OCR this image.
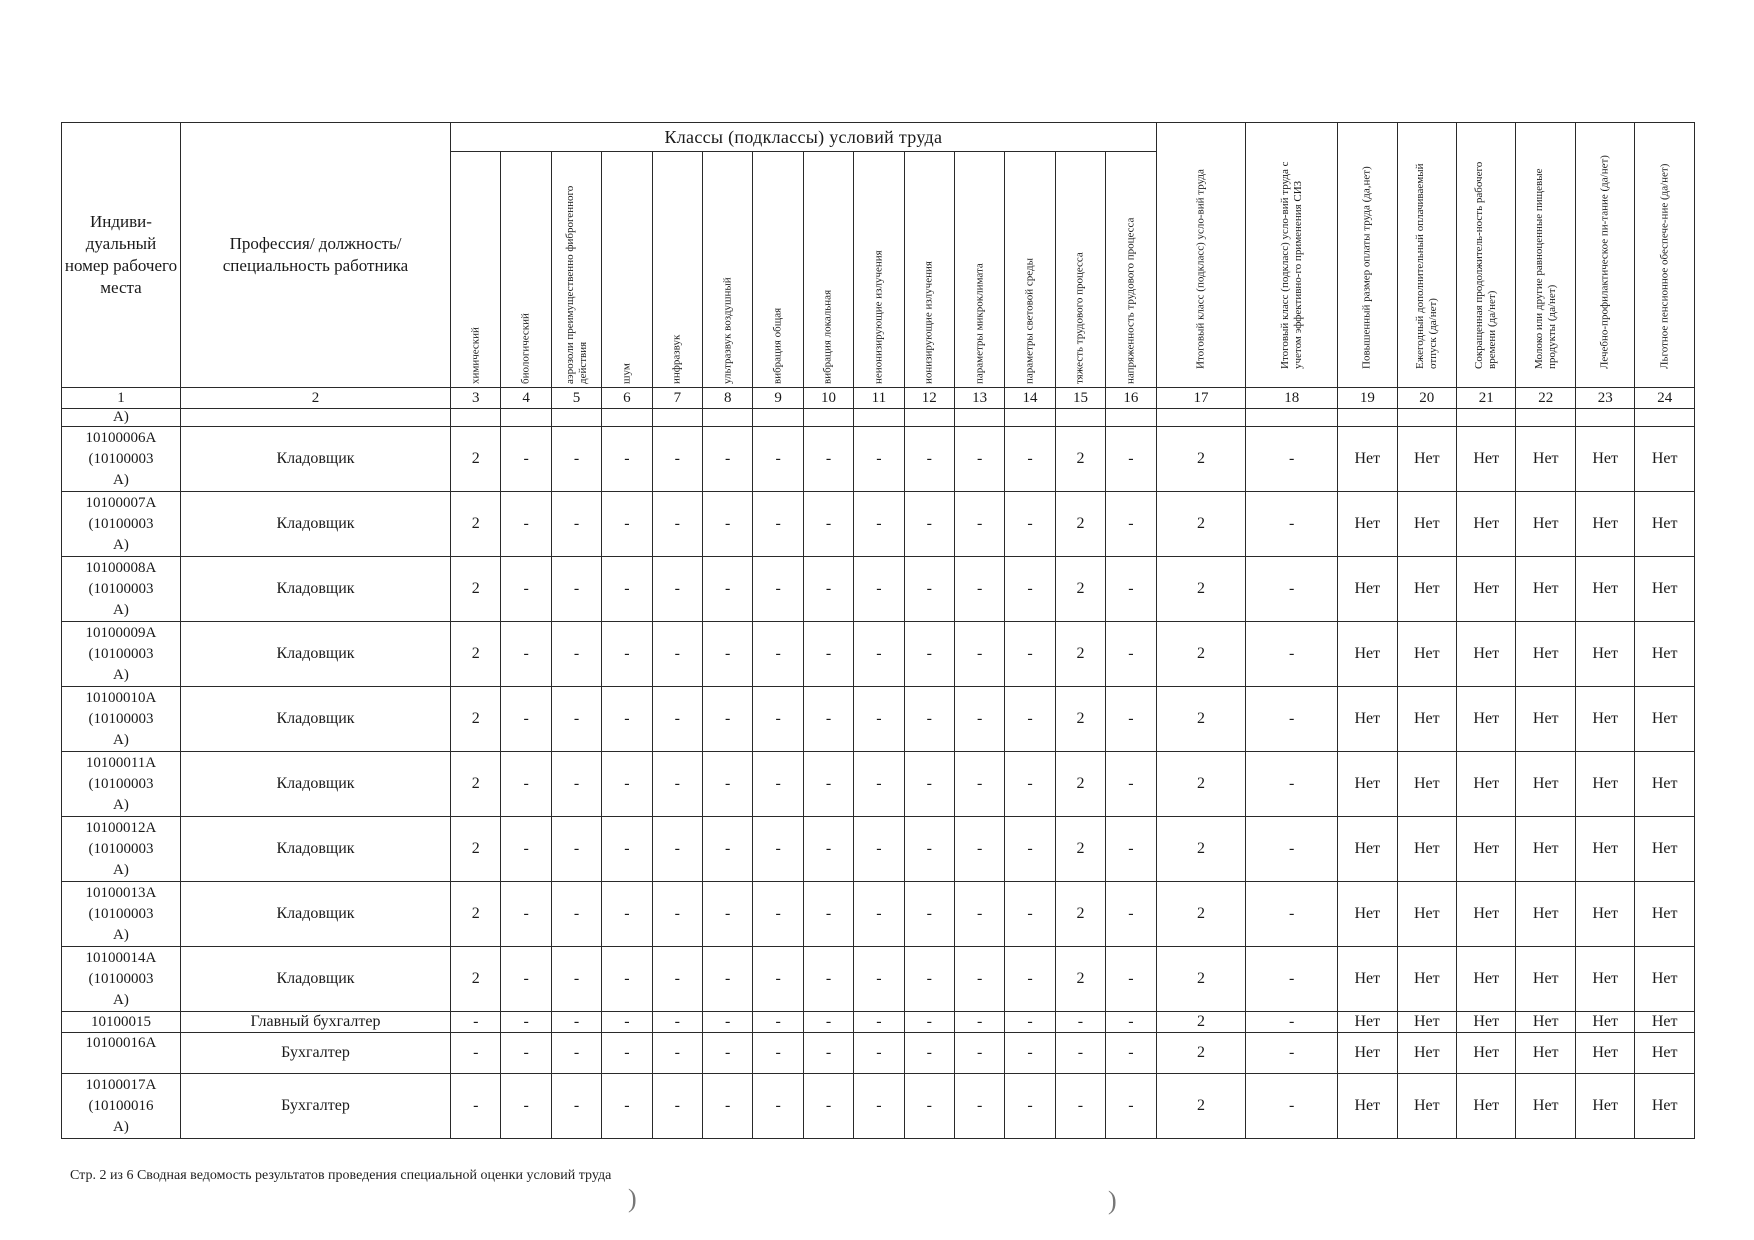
Индиви-дуальный номер рабочего места	Профессия/ должность/ специальность работника	Классы (подклассы) условий труда														Итоговый класс (подкласс) усло-вий труда	Итоговый класс (подкласс) усло-вий труда с учетом эффективно-го применения СИЗ	Повышенный размер оплаты труда (да,нет)	Ежегодный дополнительный оплачиваемый отпуск (да/нет)	Сокращенная продолжитель-ность рабочего времени (да/нет)	Молоко или другие равноценные пищевые продукты (да/нет)	Лечебно-профилактическое пи-тание (да/нет)	Льготное пенсионное обеспече-ние (да/нет)

		химический	биологический	аэрозоли преимущественно фиброгенного действия	шум	инфразвук	ультразвук воздушный	вибрация общая	вибрация локальная	неионизирующие излучения	ионизирующие излучения	параметры микроклимата	параметры световой среды	тяжесть трудового процесса	напряженность трудового процесса								

1	2	3	4	5	6	7	8	9	10	11	12	13	14	15	16	17	18	19	20	21	22	23	24
А)																							

10100006А
(10100003
А)	Кладовщик	2	-	-	-	-	-	-	-	-	-	-	-	2	-	2	-	Нет	Нет	Нет	Нет	Нет	Нет

10100007А
(10100003
А)	Кладовщик	2	-	-	-	-	-	-	-	-	-	-	-	2	-	2	-	Нет	Нет	Нет	Нет	Нет	Нет

10100008А
(10100003
А)	Кладовщик	2	-	-	-	-	-	-	-	-	-	-	-	2	-	2	-	Нет	Нет	Нет	Нет	Нет	Нет

10100009А
(10100003
А)	Кладовщик	2	-	-	-	-	-	-	-	-	-	-	-	2	-	2	-	Нет	Нет	Нет	Нет	Нет	Нет

10100010А
(10100003
А)	Кладовщик	2	-	-	-	-	-	-	-	-	-	-	-	2	-	2	-	Нет	Нет	Нет	Нет	Нет	Нет

10100011А
(10100003
А)	Кладовщик	2	-	-	-	-	-	-	-	-	-	-	-	2	-	2	-	Нет	Нет	Нет	Нет	Нет	Нет

10100012А
(10100003
А)	Кладовщик	2	-	-	-	-	-	-	-	-	-	-	-	2	-	2	-	Нет	Нет	Нет	Нет	Нет	Нет

10100013А
(10100003
А)	Кладовщик	2	-	-	-	-	-	-	-	-	-	-	-	2	-	2	-	Нет	Нет	Нет	Нет	Нет	Нет

10100014А
(10100003
А)	Кладовщик	2	-	-	-	-	-	-	-	-	-	-	-	2	-	2	-	Нет	Нет	Нет	Нет	Нет	Нет

10100015	Главный бухгалтер	-	-	-	-	-	-	-	-	-	-	-	-	-	-	2	-	Нет	Нет	Нет	Нет	Нет	Нет

10100016А	Бухгалтер	-	-	-	-	-	-	-	-	-	-	-	-	-	-	2	-	Нет	Нет	Нет	Нет	Нет	Нет

10100017А
(10100016
А)	Бухгалтер	-	-	-	-	-	-	-	-	-	-	-	-	-	-	2	-	Нет	Нет	Нет	Нет	Нет	Нет
Стр. 2 из 6 Сводная ведомость результатов проведения специальной оценки условий труда
)	)
